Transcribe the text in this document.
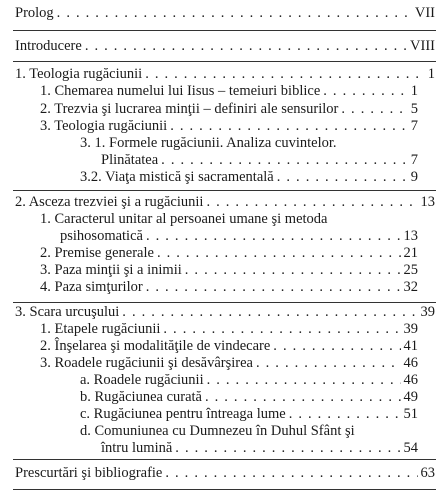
Prolog . . .	VII
Introducere . . .	VIII
1. Teologia rugăciunii . . .	1
1. Chemarea numelui lui Iisus – temeiuri biblice . . .	1
2. Trezvia şi lucrarea minţii – definiri ale sensurilor . . .	5
3. Teologia rugăciunii . . .	7
3. 1. Formele rugăciunii. Analiza cuvintelor.
Plinătatea . . .	7
3.2. Viaţa mistică şi sacramentală . . .	9
2. Asceza trezviei şi a rugăciunii . . .	13
1. Caracterul unitar al persoanei umane şi metoda
psihosomatică . . .	13
2. Premise generale . . .	21
3. Paza minţii şi a inimii . . .	25
4. Paza simţurilor . . .	32
3. Scara urcuşului . . .	39
1. Etapele rugăciunii . . .	39
2. Înşelarea şi modalităţile de vindecare . . .	41
3. Roadele rugăciunii şi desăvârşirea . . .	46
a. Roadele rugăciunii . . .	46
b. Rugăciunea curată . . .	49
c. Rugăciunea pentru întreaga lume . . .	51
d. Comuniunea cu Dumnezeu în Duhul Sfânt şi
întru lumină . . .	54
Prescurtări şi bibliografie . . .	63
